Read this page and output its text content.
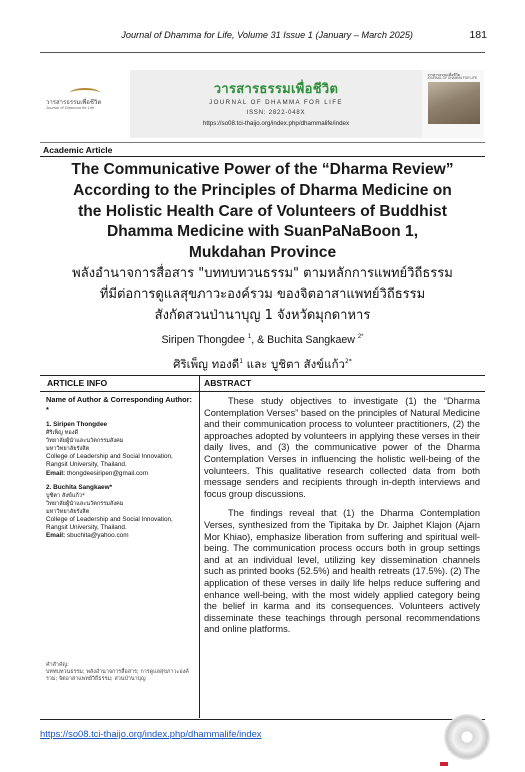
Journal of Dhamma for Life, Volume 31 Issue 1 (January – March 2025)	181
วารสารธรรมเพื่อชีวิต
Journal of Dhamma for Life
วารสารธรรมเพื่อชีวิต
JOURNAL OF DHAMMA FOR LIFE
ISSN: 2822-048X
https://so08.tci-thaijo.org/index.php/dhammalife/index
วารสารธรรมเพื่อชีวิต
JOURNAL OF DHAMMA FOR LIFE
Academic Article
The Communicative Power of the “Dharma Review”
According to the Principles of Dharma Medicine on
the Holistic Health Care of Volunteers of Buddhist
Dhamma Medicine with SuanPaNaBoon 1,
Mukdahan Province
พลังอำนาจการสื่อสาร "บททบทวนธรรม" ตามหลักการแพทย์วิถีธรรม
ที่มีต่อการดูแลสุขภาวะองค์รวม ของจิตอาสาแพทย์วิถีธรรม
สังกัดสวนป่านาบุญ 1 จังหวัดมุกดาหาร
Siripen Thongdee $^1$, & Buchita Sangkaew $^{2*}$
ศิริเพ็ญ ทองดี$^1$ และ บูชิตา สังข์แก้ว$^{2*}$
ARTICLE INFO	ABSTRACT
Name of Author & Corresponding Author: *
1. Siripen Thongdee
ศิริเพ็ญ ทองดี
วิทยาลัยผู้นำและนวัตกรรมสังคม
มหาวิทยาลัยรังสิต
College of Leadership and Social Innovation, Rangsit University, Thailand.
Email: thongdeesiripen@gmail.com
2. Buchita Sangkaew*
บูชิตา สังข์แก้ว*
วิทยาลัยผู้นำและนวัตกรรมสังคม
มหาวิทยาลัยรังสิต
College of Leadership and Social Innovation, Rangsit University, Thailand.
Email: sbuchita@yahoo.com
คำสำคัญ:
บททบทวนธรรม; พลังอำนาจการสื่อสาร; การดูแลสุขภาวะองค์รวม; จิตอาสาแพทย์วิถีธรรม; สวนป่านาบุญ

These study objectives to investigate (1) the “Dharma Contemplation Verses” based on the principles of Natural Medicine and their communication process to volunteer practitioners, (2) the approaches adopted by volunteers in applying these verses in their daily lives, and (3) the communicative power of the Dharma Contemplation Verses in influencing the holistic well-being of the volunteers. This qualitative research collected data from both message senders and recipients through in-depth interviews and focus group discussions.

The findings reveal that (1) the Dharma Contemplation Verses, synthesized from the Tipitaka by Dr. Jaiphet Klajon (Ajarn Mor Khiao), emphasize liberation from suffering and spiritual well-being. The communication process occurs both in group settings and at an individual level, utilizing key dissemination channels such as printed books (52.5%) and health retreats (17.5%). (2) The application of these verses in daily life helps reduce suffering and enhance well-being, with the most widely applied category being the belief in karma and its consequences. Volunteers actively disseminate these teachings through personal recommendations and online platforms.

https://so08.tci-thaijo.org/index.php/dhammalife/index
